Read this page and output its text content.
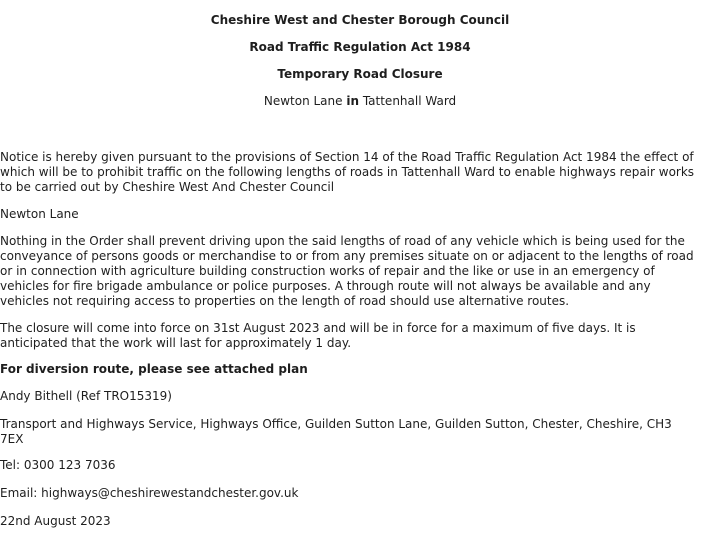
Cheshire West and Chester Borough Council
Road Traffic Regulation Act 1984
Temporary Road Closure
Newton Lane in Tattenhall Ward
Notice is hereby given pursuant to the provisions of Section 14 of the Road Traffic Regulation Act 1984 the effect of
which will be to prohibit traffic on the following lengths of roads in Tattenhall Ward to enable highways repair works
to be carried out by Cheshire West And Chester Council
Newton Lane
Nothing in the Order shall prevent driving upon the said lengths of road of any vehicle which is being used for the
conveyance of persons goods or merchandise to or from any premises situate on or adjacent to the lengths of road
or in connection with agriculture building construction works of repair and the like or use in an emergency of
vehicles for fire brigade ambulance or police purposes. A through route will not always be available and any
vehicles not requiring access to properties on the length of road should use alternative routes.
The closure will come into force on 31st August 2023 and will be in force for a maximum of five days. It is
anticipated that the work will last for approximately 1 day.
For diversion route, please see attached plan
Andy Bithell (Ref TRO15319)
Transport and Highways Service, Highways Office, Guilden Sutton Lane, Guilden Sutton, Chester, Cheshire, CH3
7EX
Tel: 0300 123 7036
Email: highways@cheshirewestandchester.gov.uk
22nd August 2023
